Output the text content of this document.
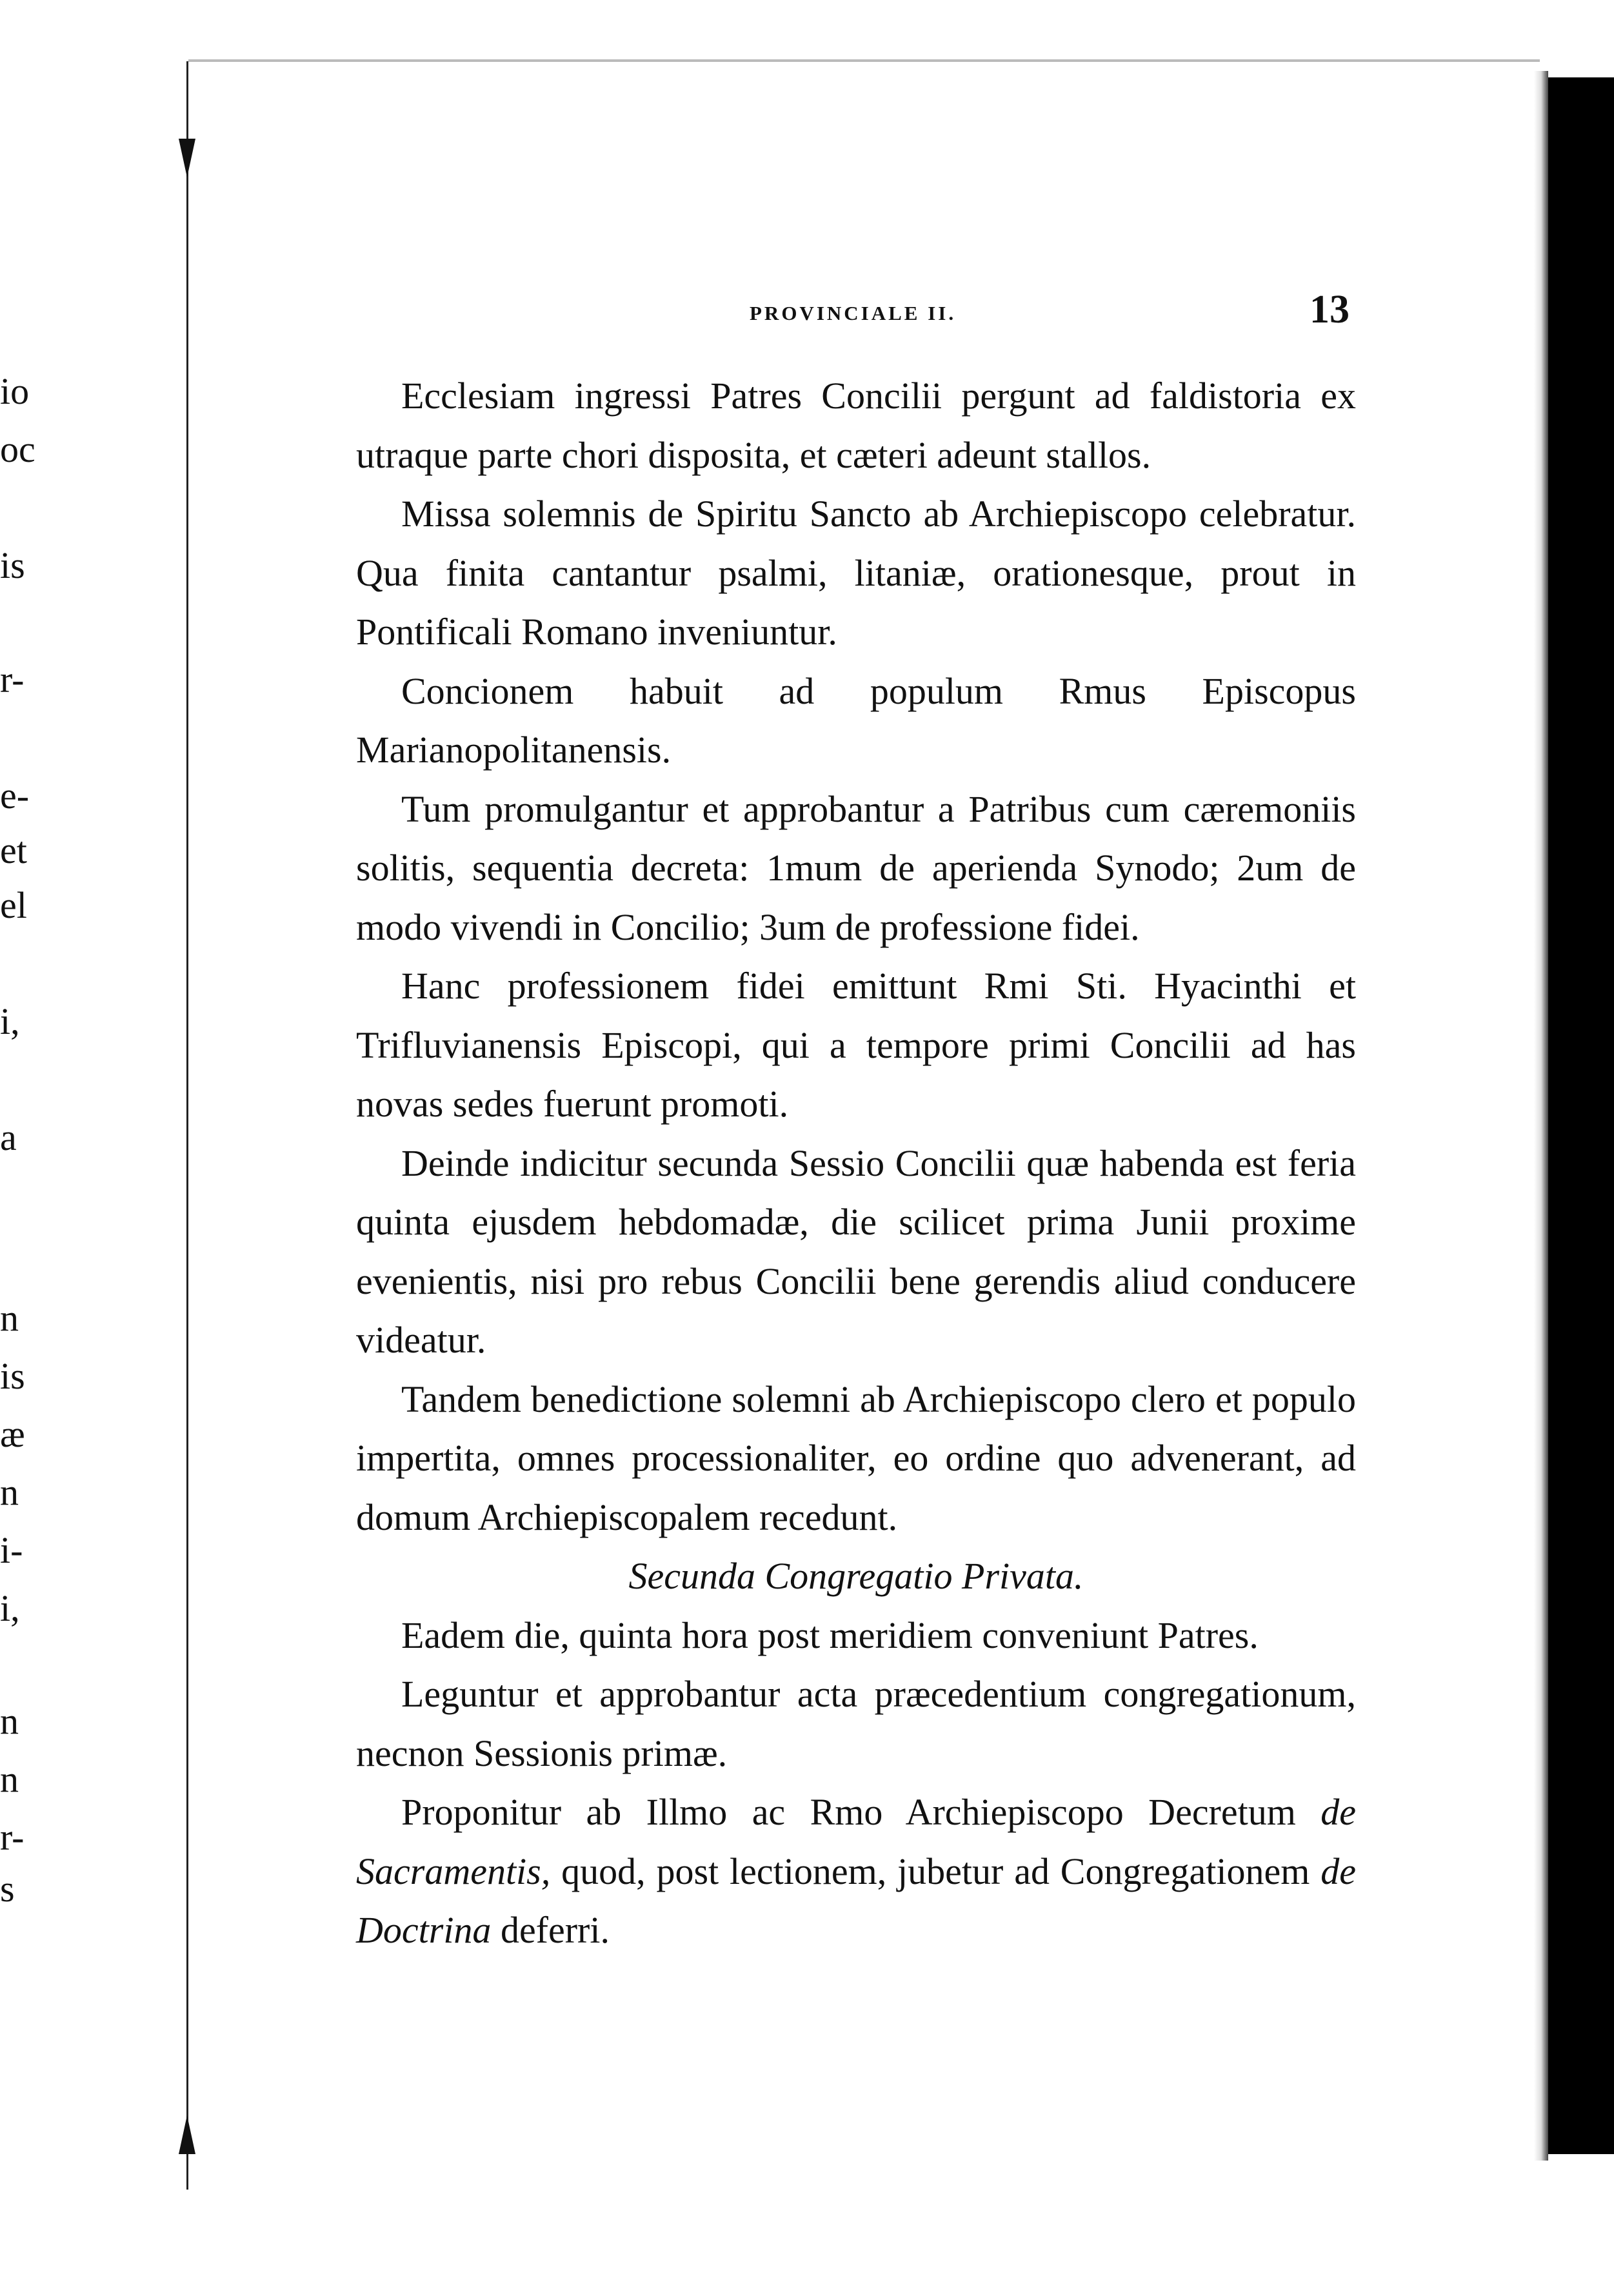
io
oc
is
r-
e-
et
el
i,
a
n
is
æ
n
i-
i,
n
n
r-
s
PROVINCIALE II.	13

Ecclesiam ingressi Patres Concilii pergunt ad faldistoria ex utraque parte chori disposita, et cæteri adeunt stallos.

Missa solemnis de Spiritu Sancto ab Archiepiscopo celebratur. Qua finita cantantur psalmi, litaniæ, orationesque, prout in Pontificali Romano inveniuntur.

Concionem habuit ad populum Rmus Episcopus Marianopolitanensis.

Tum promulgantur et approbantur a Patribus cum cæremoniis solitis, sequentia decreta: 1mum de aperienda Synodo; 2um de modo vivendi in Concilio; 3um de professione fidei.

Hanc professionem fidei emittunt Rmi Sti. Hyacinthi et Trifluvianensis Episcopi, qui a tempore primi Concilii ad has novas sedes fuerunt promoti.

Deinde indicitur secunda Sessio Concilii quæ habenda est feria quinta ejusdem hebdomadæ, die scilicet prima Junii proxime evenientis, nisi pro rebus Concilii bene gerendis aliud conducere videatur.

Tandem benedictione solemni ab Archiepiscopo clero et populo impertita, omnes processionaliter, eo ordine quo advenerant, ad domum Archiepiscopalem recedunt.

Secunda Congregatio Privata.

Eadem die, quinta hora post meridiem conveniunt Patres.

Leguntur et approbantur acta præcedentium congregationum, necnon Sessionis primæ.

Proponitur ab Illmo ac Rmo Archiepiscopo Decretum de Sacramentis, quod, post lectionem, jubetur ad Congregationem de Doctrina deferri.
